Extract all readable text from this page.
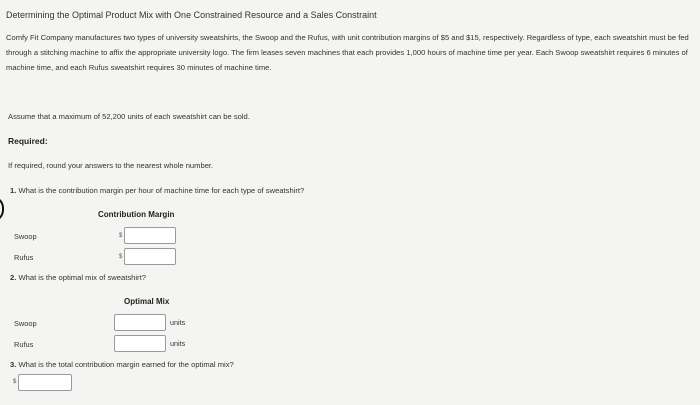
Determining the Optimal Product Mix with One Constrained Resource and a Sales Constraint
Comfy Fit Company manufactures two types of university sweatshirts, the Swoop and the Rufus, with unit contribution margins of $5 and $15, respectively. Regardless of type, each sweatshirt must be fed through a stitching machine to affix the appropriate university logo. The firm leases seven machines that each provides 1,000 hours of machine time per year. Each Swoop sweatshirt requires 6 minutes of machine time, and each Rufus sweatshirt requires 30 minutes of machine time.
Assume that a maximum of 52,200 units of each sweatshirt can be sold.
Required:
If required, round your answers to the nearest whole number.
1. What is the contribution margin per hour of machine time for each type of sweatshirt?
Contribution Margin
Swoop	$
Rufus	$
2. What is the optimal mix of sweatshirt?
Optimal Mix
Swoop	units
Rufus	units
3. What is the total contribution margin earned for the optimal mix?
$
